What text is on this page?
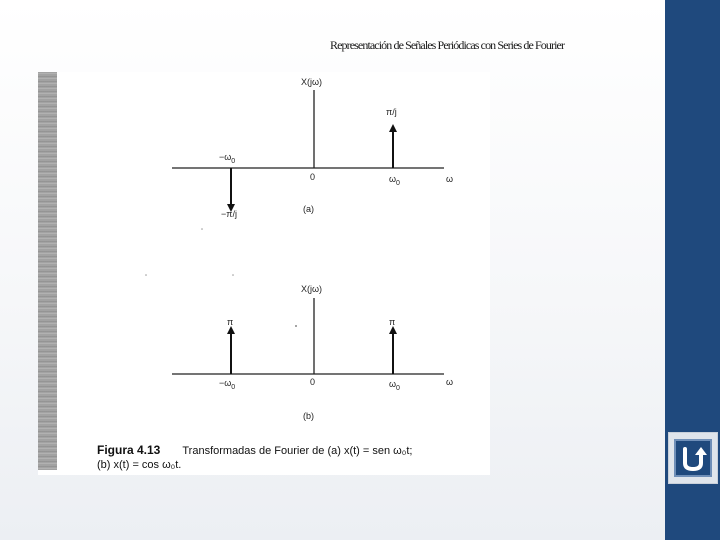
Representación de Señales Periódicas con Series de Fourier
X(jω)
π/j
$-\omega_0$
0	$\omega_0$	ω
−π/j	(a)
X(jω)
π	π
$-\omega_0$
0	$\omega_0$
ω
(b)
Figura 4.13 Transformadas de Fourier de (a) x(t) = sen ω₀t;
(b) x(t) = cos ω₀t.
